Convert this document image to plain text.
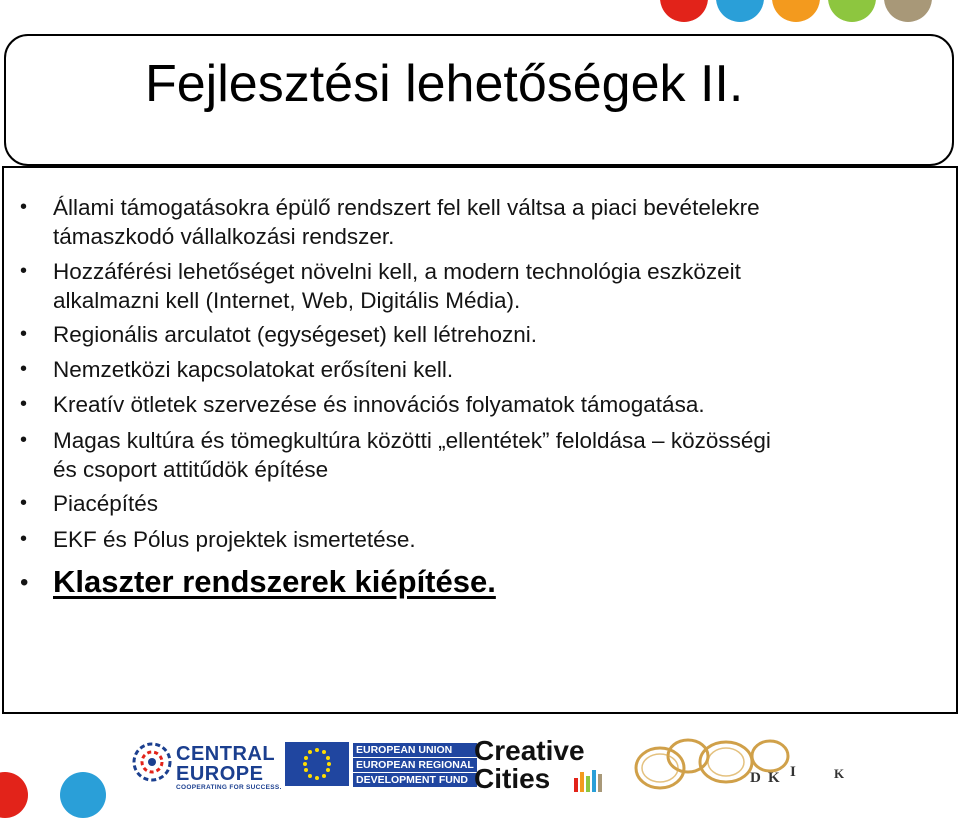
Fejlesztési lehetőségek II.
•	Állami támogatásokra épülő rendszert fel kell váltsa a piaci bevételekre
támaszkodó vállalkozási rendszer.
•	Hozzáférési lehetőséget növelni kell, a modern technológia eszközeit
alkalmazni kell (Internet, Web, Digitális Média).
•	Regionális arculatot (egységeset) kell létrehozni.
•	Nemzetközi kapcsolatokat erősíteni kell.
•	Kreatív ötletek szervezése és innovációs folyamatok támogatása.
•	Magas kultúra és tömegkultúra közötti „ellentétek” feloldása – közösségi
és csoport attitűdök építése
•	Piacépítés
•	EKF és Pólus projektek ismertetése.
• Klaszter rendszerek kiépítése.
CENTRAL
EUROPE
COOPERATING FOR SUCCESS.
EUROPEAN UNION
EUROPEAN REGIONAL
DEVELOPMENT FUND
Creative
Cities	D K I	K
